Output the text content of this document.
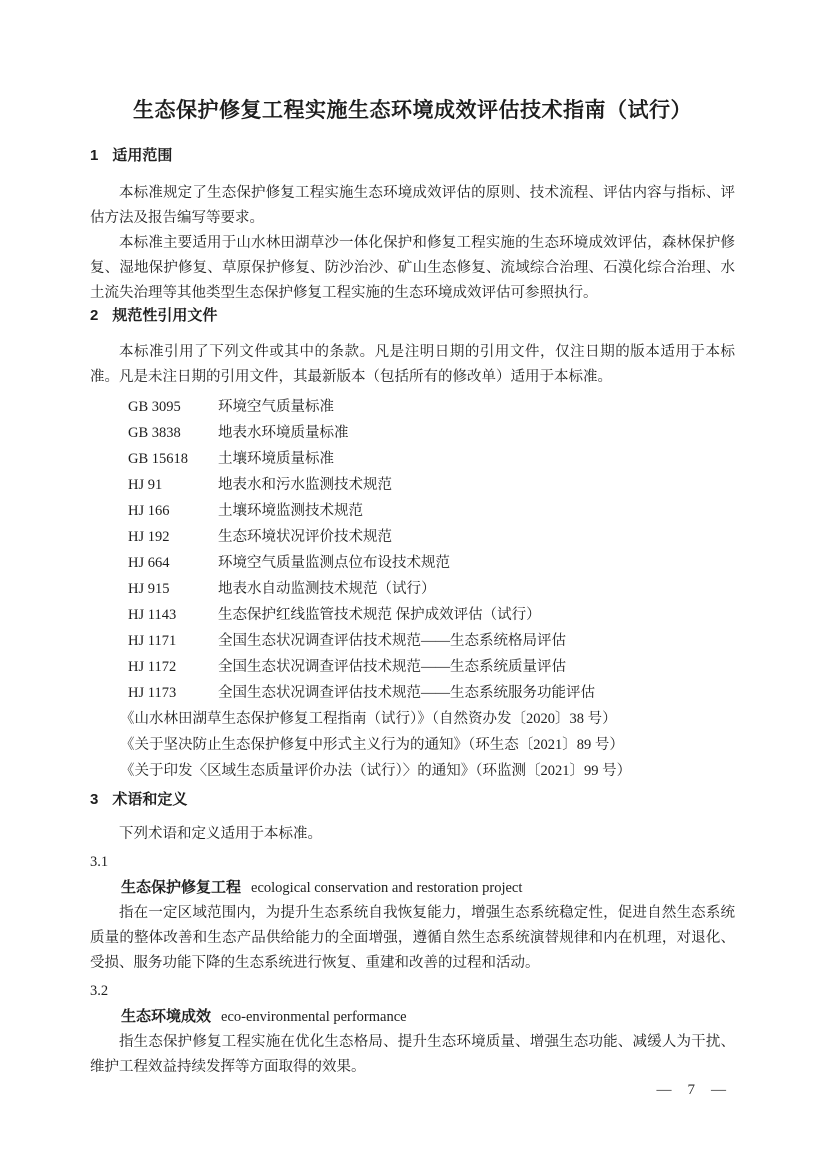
生态保护修复工程实施生态环境成效评估技术指南（试行）
1 适用范围

本标准规定了生态保护修复工程实施生态环境成效评估的原则、技术流程、评估内容与指标、评估方法及报告编写等要求。

本标准主要适用于山水林田湖草沙一体化保护和修复工程实施的生态环境成效评估，森林保护修复、湿地保护修复、草原保护修复、防沙治沙、矿山生态修复、流域综合治理、石漠化综合治理、水土流失治理等其他类型生态保护修复工程实施的生态环境成效评估可参照执行。

2 规范性引用文件

本标准引用了下列文件或其中的条款。凡是注明日期的引用文件，仅注日期的版本适用于本标准。凡是未注日期的引用文件，其最新版本（包括所有的修改单）适用于本标准。

GB 3095	环境空气质量标准
GB 3838	地表水环境质量标准
GB 15618 土壤环境质量标准
HJ 91	地表水和污水监测技术规范
HJ 166	土壤环境监测技术规范
HJ 192	生态环境状况评价技术规范
HJ 664	环境空气质量监测点位布设技术规范
HJ 915	地表水自动监测技术规范（试行）
HJ 1143	生态保护红线监管技术规范 保护成效评估（试行）
HJ 1171	全国生态状况调查评估技术规范——生态系统格局评估
HJ 1172	全国生态状况调查评估技术规范——生态系统质量评估
HJ 1173	全国生态状况调查评估技术规范——生态系统服务功能评估
《山水林田湖草生态保护修复工程指南（试行）》（自然资办发〔2020〕38 号）
《关于坚决防止生态保护修复中形式主义行为的通知》（环生态〔2021〕89 号）
《关于印发〈区域生态质量评价办法（试行）〉的通知》（环监测〔2021〕99 号）
3 术语和定义

下列术语和定义适用于本标准。

3.1
生态保护修复工程 ecological conservation and restoration project

指在一定区域范围内，为提升生态系统自我恢复能力，增强生态系统稳定性，促进自然生态系统质量的整体改善和生态产品供给能力的全面增强，遵循自然生态系统演替规律和内在机理，对退化、受损、服务功能下降的生态系统进行恢复、重建和改善的过程和活动。

3.2
生态环境成效 eco-environmental performance

指生态保护修复工程实施在优化生态格局、提升生态环境质量、增强生态功能、减缓人为干扰、维护工程效益持续发挥等方面取得的效果。

— 7 —
